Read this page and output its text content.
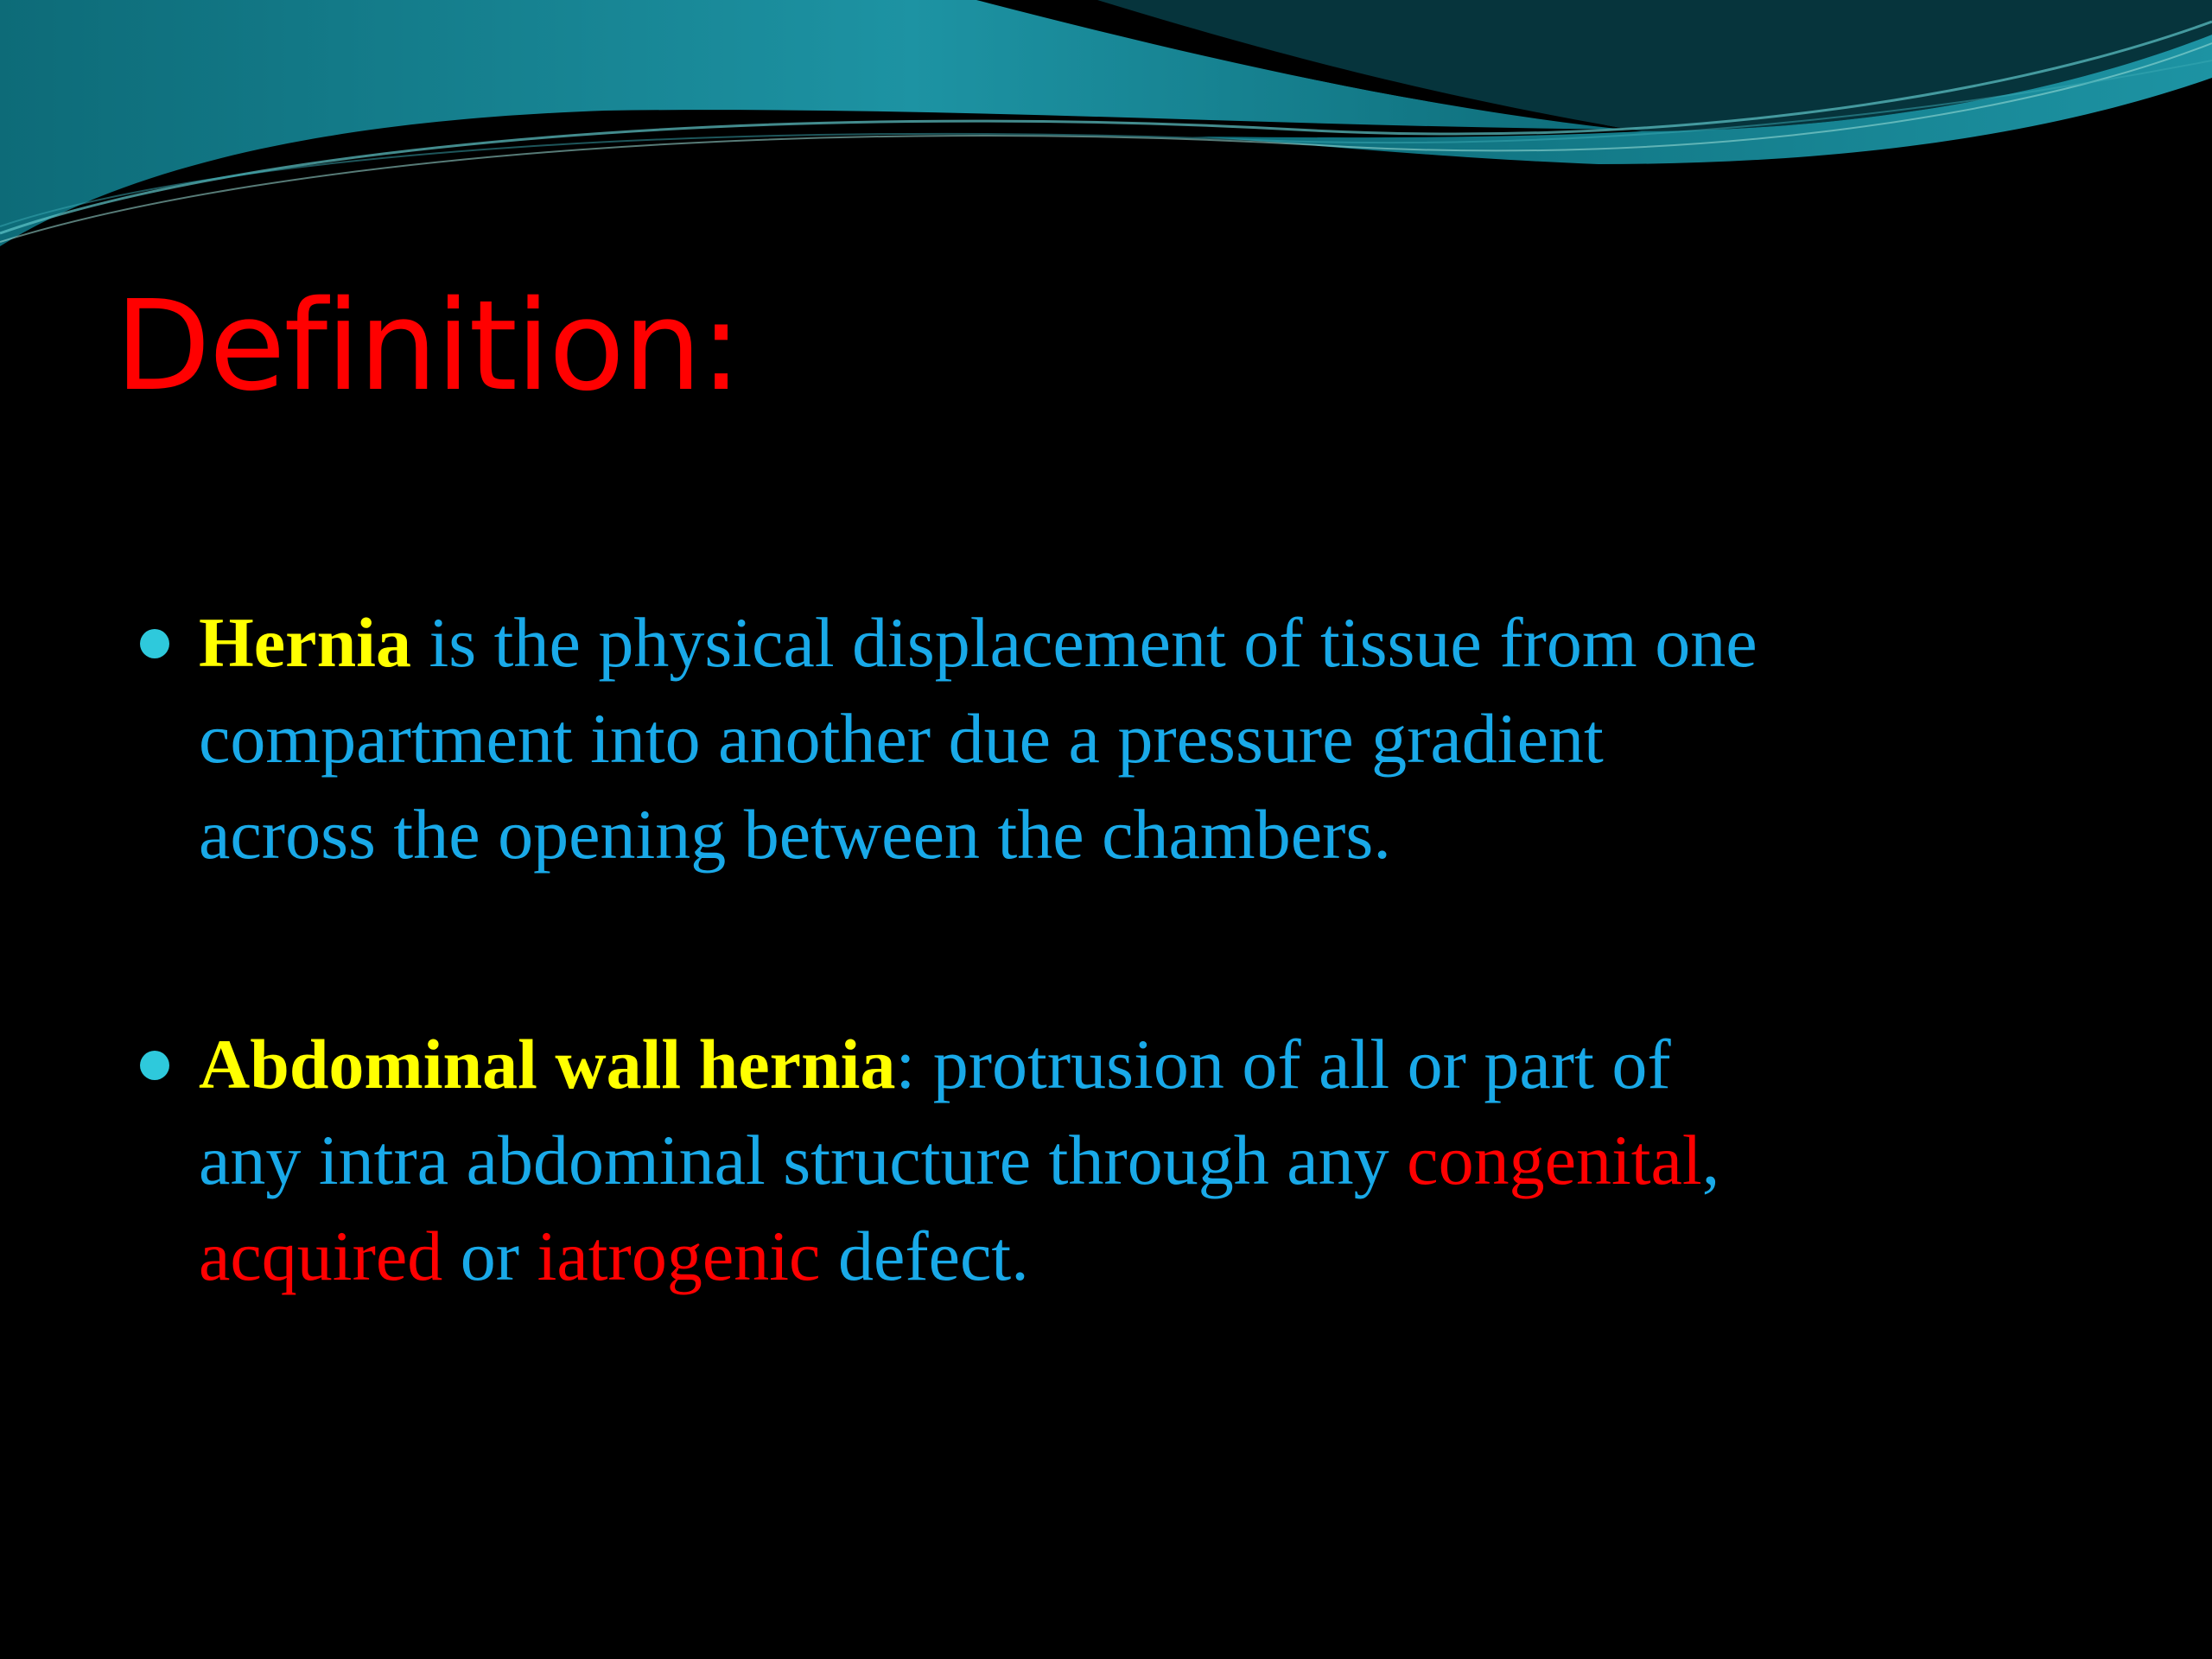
Definition:
Hernia is the physical displacement of tissue from one
compartment into another due a pressure gradient
across the opening between the chambers.
Abdominal wall hernia: protrusion of all or part of
any intra abdominal structure through any congenital,
acquired or iatrogenic defect.
